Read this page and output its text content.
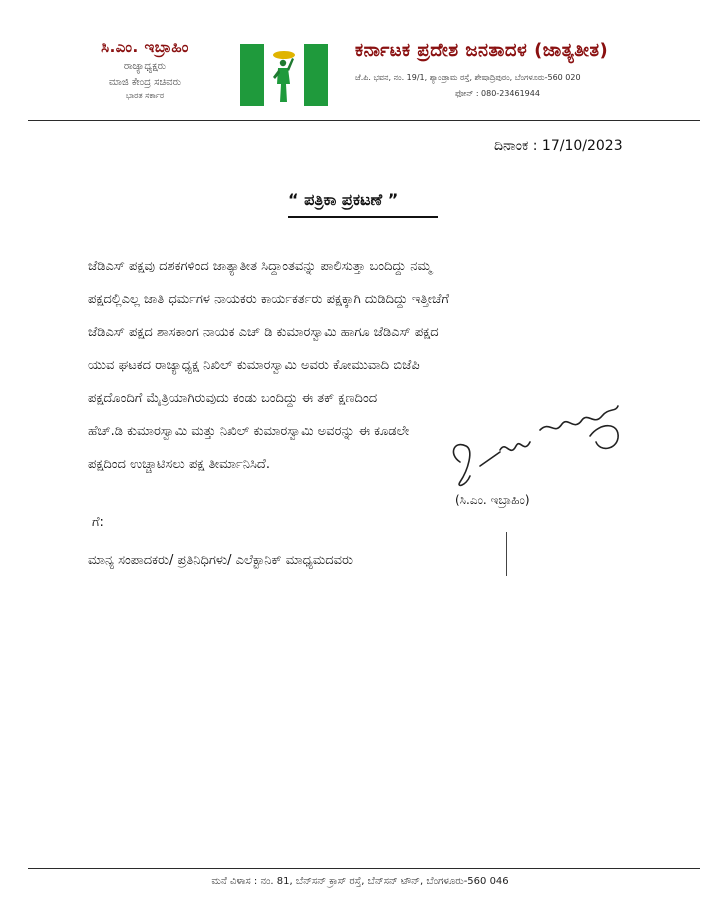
ಸಿ.ಎಂ. ಇಬ್ರಾಹಿಂ
ರಾಜ್ಯಾಧ್ಯಕ್ಷರು
ಮಾಜಿ ಕೇಂದ್ರ ಸಚಿವರು
ಭಾರತ ಸರ್ಕಾರ
ಕರ್ನಾಟಕ ಪ್ರದೇಶ ಜನತಾದಳ (ಜಾತ್ಯತೀತ)
ಜೆ.ಪಿ. ಭವನ, ನಂ. 19/1, ಶ್ಯಾಂಡ್ರಾಮ ರಸ್ತೆ, ಶೇಷಾದ್ರಿಪುರಂ, ಬೆಂಗಳೂರು-560 020
ಫೋನ್ : 080-23461944
ದಿನಾಂಕ : 17/10/2023
“ ಪತ್ರಿಕಾ ಪ್ರಕಟಣೆ ”
ಜೆಡಿಎಸ್ ಪಕ್ಷವು ದಶಕಗಳಿಂದ ಜಾತ್ಯಾತೀತ ಸಿದ್ದಾಂತವನ್ನು ಪಾಲಿಸುತ್ತಾ ಬಂದಿದ್ದು ನಮ್ಮ
ಪಕ್ಷದಲ್ಲಿಎಲ್ಲ ಜಾತಿ ಧರ್ಮಗಳ ನಾಯಕರು ಕಾರ್ಯಕರ್ತರು ಪಕ್ಷಕ್ಕಾಗಿ ದುಡಿದಿದ್ದು ಇತ್ತೀಚೆಗೆ
ಜೆಡಿಎಸ್ ಪಕ್ಷದ ಶಾಸಕಾಂಗ ನಾಯಕ ಎಚ್ ಡಿ ಕುಮಾರಸ್ವಾಮಿ ಹಾಗೂ ಜೆಡಿಎಸ್ ಪಕ್ಷದ
ಯುವ ಘಟಕದ ರಾಜ್ಯಾಧ್ಯಕ್ಷ ನಿಖಿಲ್ ಕುಮಾರಸ್ವಾಮಿ ಅವರು ಕೋಮುವಾದಿ ಬಿಜೆಪಿ
ಪಕ್ಷದೊಂದಿಗೆ ಮೈತ್ರಿಯಾಗಿರುವುದು ಕಂಡು ಬಂದಿದ್ದು ಈ ತಕ್ ಕ್ಷಣದಿಂದ
ಹೆಚ್.ಡಿ ಕುಮಾರಸ್ವಾಮಿ ಮತ್ತು ನಿಖಿಲ್ ಕುಮಾರಸ್ವಾಮಿ ಅವರನ್ನು ಈ ಕೂಡಲೇ
ಪಕ್ಷದಿಂದ ಉಚ್ಚಾಟಿಸಲು ಪಕ್ಷ ತೀರ್ಮಾನಿಸಿದೆ.
(ಸಿ.ಎಂ. ಇಬ್ರಾಹಿಂ)
ಗೆ:
ಮಾನ್ಯ ಸಂಪಾದಕರು/ ಪ್ರತಿನಿಧಿಗಳು/ ಎಲೆಕ್ಟಾನಿಕ್ ಮಾಧ್ಯಮದವರು
ಮನೆ ವಿಳಾಸ : ನಂ. 81, ಬೆನ್‌ಸನ್ ಕ್ರಾಸ್ ರಸ್ತೆ, ಬೆನ್‌ಸನ್ ಟೌನ್, ಬೆಂಗಳೂರು-560 046
